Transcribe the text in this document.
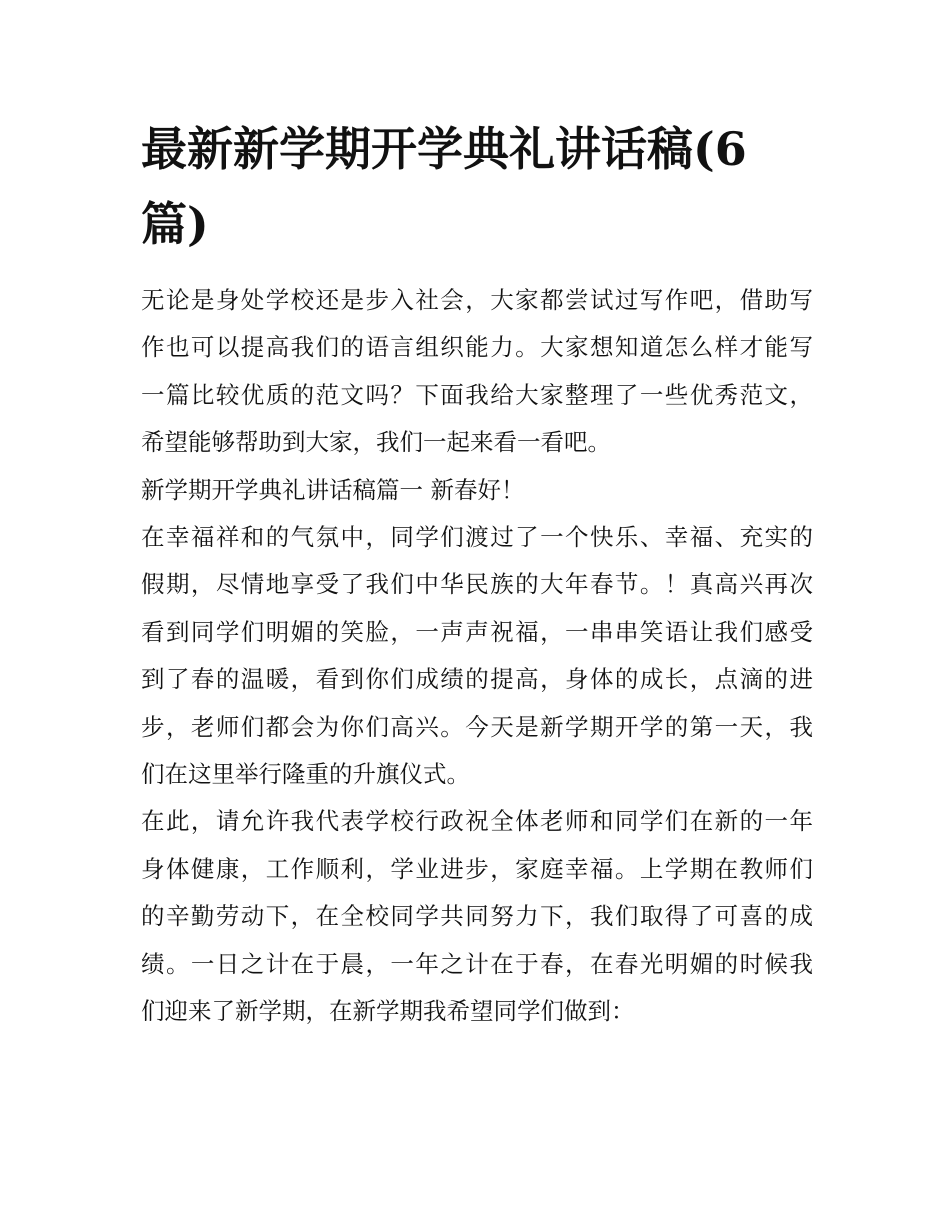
最新新学期开学典礼讲话稿(6
篇)

无论是身处学校还是步入社会，大家都尝试过写作吧，借助写
作也可以提高我们的语言组织能力。大家想知道怎么样才能写
一篇比较优质的范文吗？下面我给大家整理了一些优秀范文，
希望能够帮助到大家，我们一起来看一看吧。

新学期开学典礼讲话稿篇一 新春好！

在幸福祥和的气氛中，同学们渡过了一个快乐、幸福、充实的
假期，尽情地享受了我们中华民族的大年春节。！真高兴再次
看到同学们明媚的笑脸，一声声祝福，一串串笑语让我们感受
到了春的温暖，看到你们成绩的提高，身体的成长，点滴的进
步，老师们都会为你们高兴。今天是新学期开学的第一天，我
们在这里举行隆重的升旗仪式。

在此，请允许我代表学校行政祝全体老师和同学们在新的一年
身体健康，工作顺利，学业进步，家庭幸福。上学期在教师们
的辛勤劳动下，在全校同学共同努力下，我们取得了可喜的成
绩。一日之计在于晨，一年之计在于春，在春光明媚的时候我
们迎来了新学期，在新学期我希望同学们做到：
